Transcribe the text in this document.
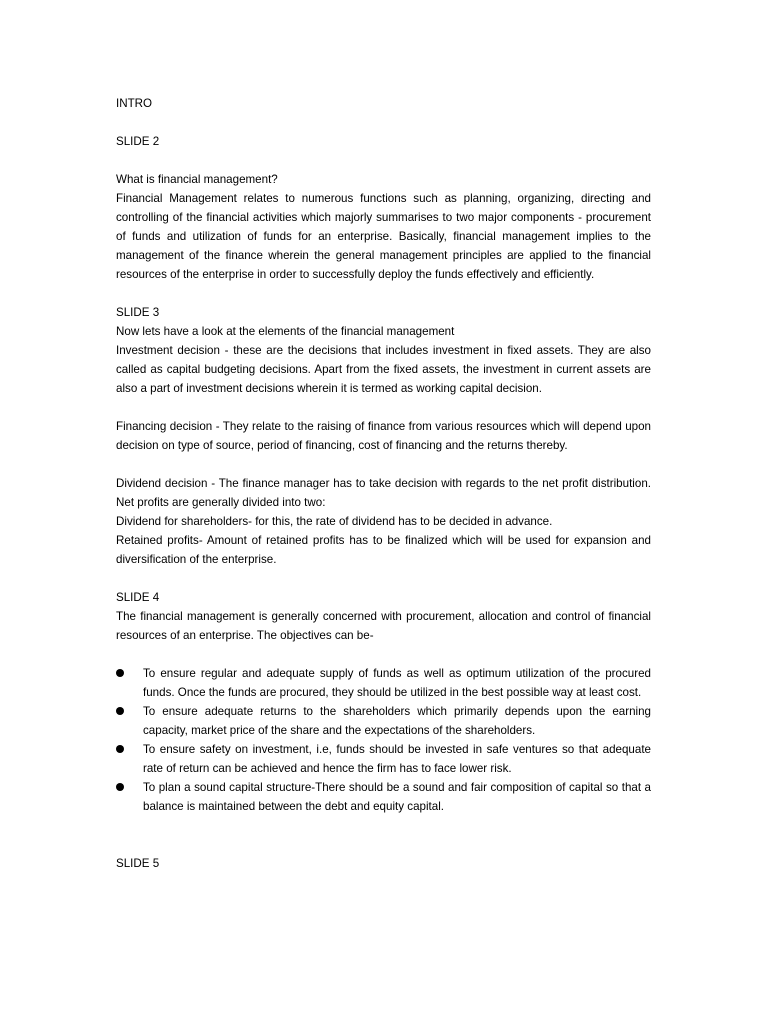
INTRO

SLIDE 2

What is financial management?

Financial Management relates to numerous functions such as planning, organizing, directing and controlling of the financial activities which majorly summarises to two major components - procurement of funds and utilization of funds for an enterprise. Basically, financial management implies to the management of the finance wherein the general management principles are applied to the financial resources of the enterprise in order to successfully deploy the funds effectively and efficiently.

SLIDE 3

Now lets have a look at the elements of the financial management

Investment decision - these are the decisions that includes investment in fixed assets. They are also called as capital budgeting decisions. Apart from the fixed assets, the investment in current assets are also a part of investment decisions wherein it is termed as working capital decision.

Financing decision - They relate to the raising of finance from various resources which will depend upon decision on type of source, period of financing, cost of financing and the returns thereby.

Dividend decision - The finance manager has to take decision with regards to the net profit distribution. Net profits are generally divided into two:

Dividend for shareholders- for this, the rate of dividend has to be decided in advance.

Retained profits- Amount of retained profits has to be finalized which will be used for expansion and diversification of the enterprise.

SLIDE 4

The financial management is generally concerned with procurement, allocation and control of financial resources of an enterprise. The objectives can be-

To ensure regular and adequate supply of funds as well as optimum utilization of the procured funds. Once the funds are procured, they should be utilized in the best possible way at least cost.
To ensure adequate returns to the shareholders which primarily depends upon the earning capacity, market price of the share and the expectations of the shareholders.
To ensure safety on investment, i.e, funds should be invested in safe ventures so that adequate rate of return can be achieved and hence the firm has to face lower risk.
To plan a sound capital structure-There should be a sound and fair composition of capital so that a balance is maintained between the debt and equity capital.

SLIDE 5
